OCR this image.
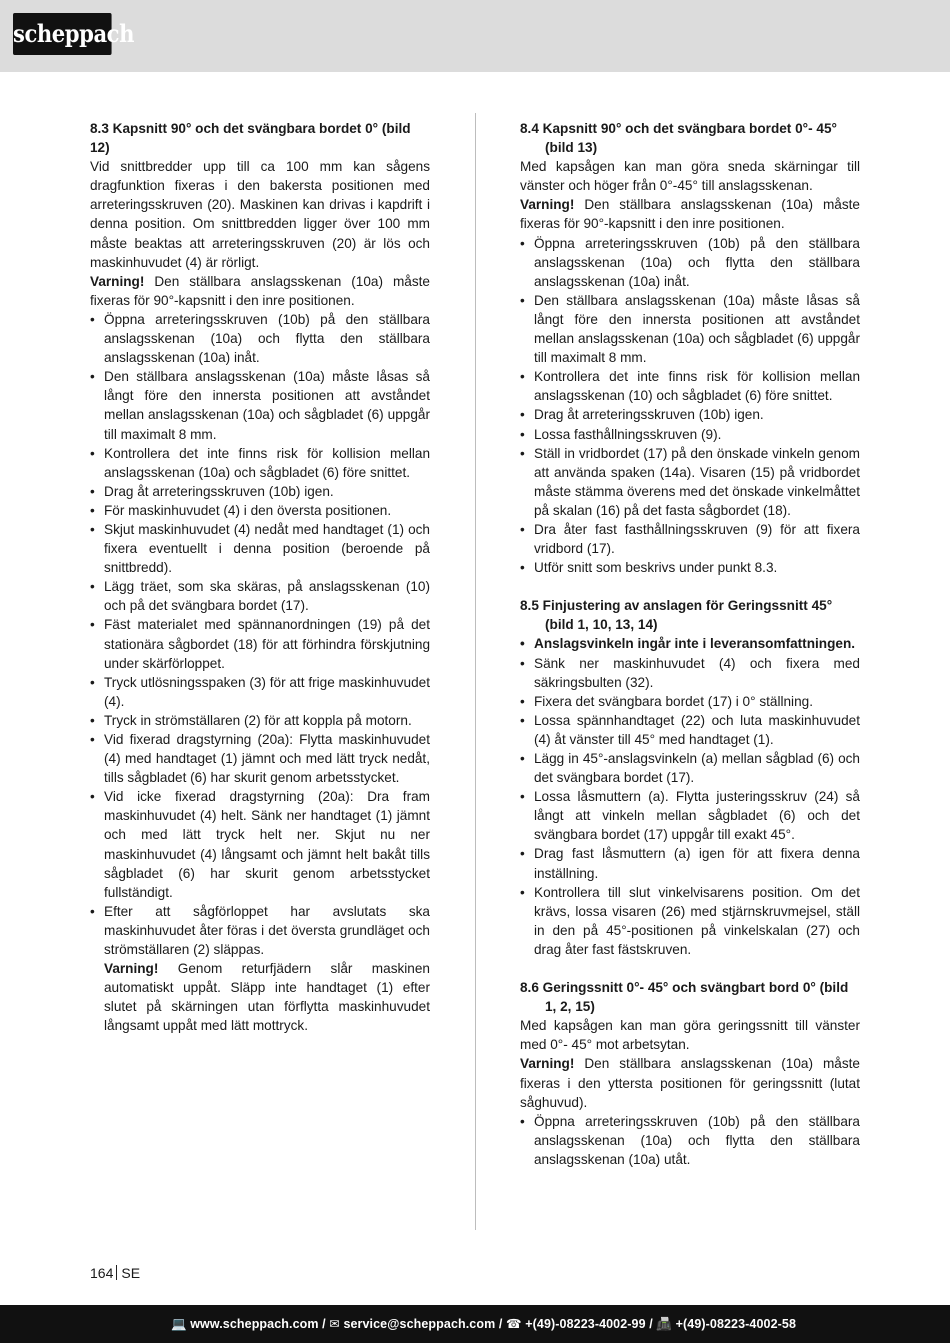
scheppach
8.3 Kapsnitt 90° och det svängbara bordet 0° (bild 12)

Vid snittbredder upp till ca 100 mm kan sågens dragfunktion fixeras i den bakersta positionen med arreteringsskruven (20). Maskinen kan drivas i kapdrift i denna position. Om snittbredden ligger över 100 mm måste beaktas att arreteringsskruven (20) är lös och maskinhuvudet (4) är rörligt.

Varning! Den ställbara anslagsskenan (10a) måste fixeras för 90°-kapsnitt i den inre positionen.

• Öppna arreteringsskruven (10b) på den ställbara anslagsskenan (10a) och flytta den ställbara anslagsskenan (10a) inåt.
• Den ställbara anslagsskenan (10a) måste låsas så långt före den innersta positionen att avståndet mellan anslagsskenan (10a) och sågbladet (6) uppgår till maximalt 8 mm.
• Kontrollera det inte finns risk för kollision mellan anslagsskenan (10a) och sågbladet (6) före snittet.
• Drag åt arreteringsskruven (10b) igen.
• För maskinhuvudet (4) i den översta positionen.
• Skjut maskinhuvudet (4) nedåt med handtaget (1) och fixera eventuellt i denna position (beroende på snittbredd).
• Lägg träet, som ska skäras, på anslagsskenan (10) och på det svängbara bordet (17).
• Fäst materialet med spännanordningen (19) på det stationära sågbordet (18) för att förhindra förskjutning under skärförloppet.
• Tryck utlösningsspaken (3) för att frige maskinhuvudet (4).
• Tryck in strömställaren (2) för att koppla på motorn.
• Vid fixerad dragstyrning (20a): Flytta maskinhuvudet (4) med handtaget (1) jämnt och med lätt tryck nedåt, tills sågbladet (6) har skurit genom arbetsstycket.
• Vid icke fixerad dragstyrning (20a): Dra fram maskinhuvudet (4) helt. Sänk ner handtaget (1) jämnt och med lätt tryck helt ner. Skjut nu ner maskinhuvudet (4) långsamt och jämnt helt bakåt tills sågbladet (6) har skurit genom arbetsstycket fullständigt.
• Efter att sågförloppet har avslutats ska maskinhuvudet åter föras i det översta grundläget och strömställaren (2) släppas.

Varning! Genom returfjädern slår maskinen automatiskt uppåt. Släpp inte handtaget (1) efter slutet på skärningen utan förflytta maskinhuvudet långsamt uppåt med lätt mottryck.

8.4 Kapsnitt 90° och det svängbara bordet 0°- 45° (bild 13)

Med kapsågen kan man göra sneda skärningar till vänster och höger från 0°-45° till anslagsskenan.

Varning! Den ställbara anslagsskenan (10a) måste fixeras för 90°-kapsnitt i den inre positionen.

• Öppna arreteringsskruven (10b) på den ställbara anslagsskenan (10a) och flytta den ställbara anslagsskenan (10a) inåt.
• Den ställbara anslagsskenan (10a) måste låsas så långt före den innersta positionen att avståndet mellan anslagsskenan (10a) och sågbladet (6) uppgår till maximalt 8 mm.
• Kontrollera det inte finns risk för kollision mellan anslagsskenan (10) och sågbladet (6) före snittet.
• Drag åt arreteringsskruven (10b) igen.
• Lossa fasthållningsskruven (9).
• Ställ in vridbordet (17) på den önskade vinkeln genom att använda spaken (14a). Visaren (15) på vridbordet måste stämma överens med det önskade vinkelmåttet på skalan (16) på det fasta sågbordet (18).
• Dra åter fast fasthållningsskruven (9) för att fixera vridbord (17).
• Utför snitt som beskrivs under punkt 8.3.
8.5 Finjustering av anslagen för Geringssnitt 45° (bild 1, 10, 13, 14)
• Anslagsvinkeln ingår inte i leveransomfattningen.
• Sänk ner maskinhuvudet (4) och fixera med säkringsbulten (32).
• Fixera det svängbara bordet (17) i 0° ställning.
• Lossa spännhandtaget (22) och luta maskinhuvudet (4) åt vänster till 45° med handtaget (1).
• Lägg in 45°-anslagsvinkeln (a) mellan sågblad (6) och det svängbara bordet (17).
• Lossa låsmuttern (a). Flytta justeringsskruv (24) så långt att vinkeln mellan sågbladet (6) och det svängbara bordet (17) uppgår till exakt 45°.
• Drag fast låsmuttern (a) igen för att fixera denna inställning.
• Kontrollera till slut vinkelvisarens position. Om det krävs, lossa visaren (26) med stjärnskruvmejsel, ställ in den på 45°-positionen på vinkelskalan (27) och drag åter fast fästskruven.
8.6 Geringssnitt 0°- 45° och svängbart bord 0° (bild 1, 2, 15)

Med kapsågen kan man göra geringssnitt till vänster med 0°- 45° mot arbetsytan.

Varning! Den ställbara anslagsskenan (10a) måste fixeras i den yttersta positionen för geringssnitt (lutat såghuvud).

• Öppna arreteringsskruven (10b) på den ställbara anslagsskenan (10a) och flytta den ställbara anslagsskenan (10a) utåt.
164 SE
💻 www.scheppach.com / ✉ service@scheppach.com / ☎ +(49)-08223-4002-99 / 📠 +(49)-08223-4002-58
